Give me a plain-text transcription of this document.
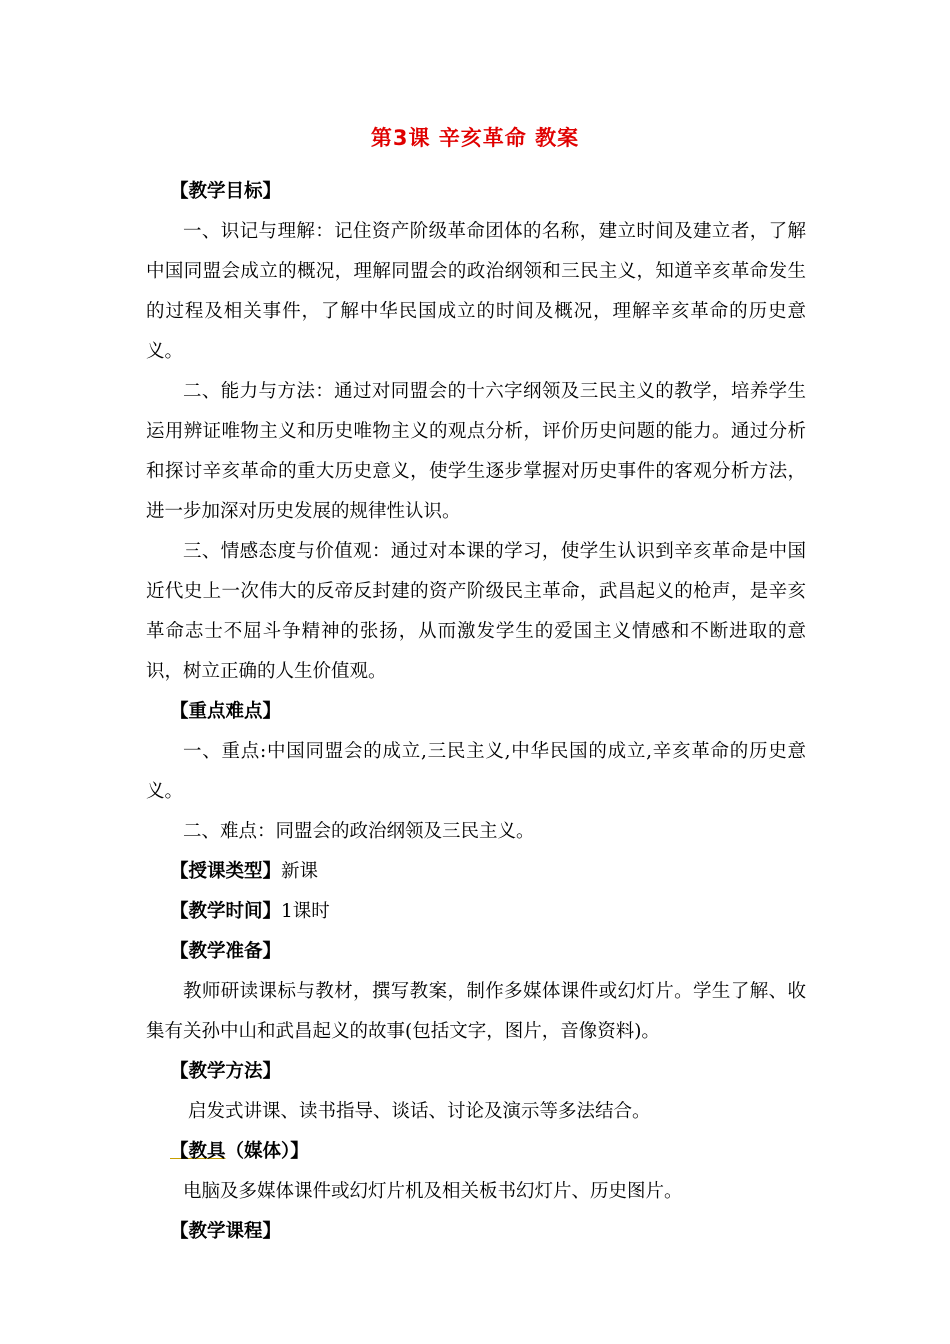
第3课 辛亥革命 教案

【教学目标】

一、识记与理解：记住资产阶级革命团体的名称，建立时间及建立者，了解中国同盟会成立的概况，理解同盟会的政治纲领和三民主义，知道辛亥革命发生的过程及相关事件，了解中华民国成立的时间及概况，理解辛亥革命的历史意义。

二、能力与方法：通过对同盟会的十六字纲领及三民主义的教学，培养学生运用辨证唯物主义和历史唯物主义的观点分析，评价历史问题的能力。通过分析和探讨辛亥革命的重大历史意义，使学生逐步掌握对历史事件的客观分析方法，进一步加深对历史发展的规律性认识。

三、情感态度与价值观：通过对本课的学习，使学生认识到辛亥革命是中国近代史上一次伟大的反帝反封建的资产阶级民主革命，武昌起义的枪声，是辛亥革命志士不屈斗争精神的张扬，从而激发学生的爱国主义情感和不断进取的意识，树立正确的人生价值观。

【重点难点】

一、重点:中国同盟会的成立,三民主义,中华民国的成立,辛亥革命的历史意义。

二、难点：同盟会的政治纲领及三民主义。

【授课类型】新课

【教学时间】1课时

【教学准备】

教师研读课标与教材，撰写教案，制作多媒体课件或幻灯片。学生了解、收集有关孙中山和武昌起义的故事(包括文字，图片，音像资料)。

【教学方法】

启发式讲课、读书指导、谈话、讨论及演示等多法结合。

【教具（媒体）】

电脑及多媒体课件或幻灯片机及相关板书幻灯片、历史图片。

【教学课程】
